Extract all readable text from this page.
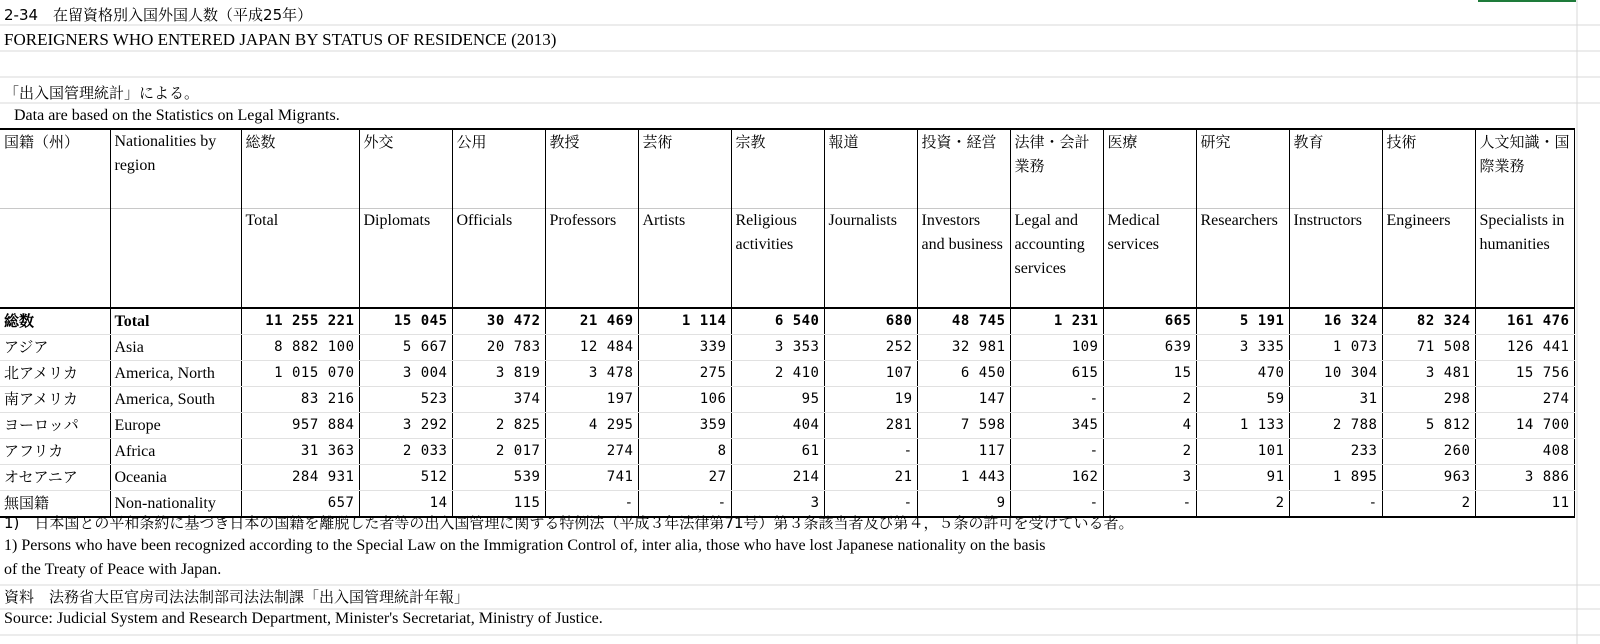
2-34　在留資格別入国外国人数（平成25年）
FOREIGNERS WHO ENTERED JAPAN BY STATUS OF RESIDENCE (2013)
「出入国管理統計」による。
Data are based on the Statistics on Legal Migrants.
国籍（州）	Nationalities by region	総数	外交	公用	教授	芸術	宗教	報道	投資・経営	法律・会計業務	医療	研究	教育	技術	人文知識・国際業務
		Total	Diplomats	Officials	Professors	Artists	Religious activities	Journalists	Investors and business	Legal and accounting services	Medical services	Researchers	Instructors	Engineers	Specialists in humanities
総数	Total	11 255 221	15 045	30 472	21 469	1 114	6 540	680	48 745	1 231	665	5 191	16 324	82 324	161 476
アジア	Asia	8 882 100	5 667	20 783	12 484	339	3 353	252	32 981	109	639	3 335	1 073	71 508	126 441
北アメリカ	America, North	1 015 070	3 004	3 819	3 478	275	2 410	107	6 450	615	15	470	10 304	3 481	15 756
南アメリカ	America, South	83 216	523	374	197	106	95	19	147	-	2	59	31	298	274
ヨーロッパ	Europe	957 884	3 292	2 825	4 295	359	404	281	7 598	345	4	1 133	2 788	5 812	14 700
アフリカ	Africa	31 363	2 033	2 017	274	8	61	-	117	-	2	101	233	260	408
オセアニア	Oceania	284 931	512	539	741	27	214	21	1 443	162	3	91	1 895	963	3 886
無国籍	Non-nationality	657	14	115	-	-	3	-	9	-	-	2	-	2	11
1)　日本国との平和条約に基づき日本の国籍を離脱した者等の出入国管理に関する特例法（平成３年法律第71号）第３条該当者及び第４，５条の許可を受けている者。
1) Persons who have been recognized according to the Special Law on the Immigration Control of, inter alia, those who have lost Japanese nationality on the basis
of the Treaty of Peace with Japan.
資料　法務省大臣官房司法法制部司法法制課「出入国管理統計年報」
Source: Judicial System and Research Department, Minister's Secretariat, Ministry of Justice.
